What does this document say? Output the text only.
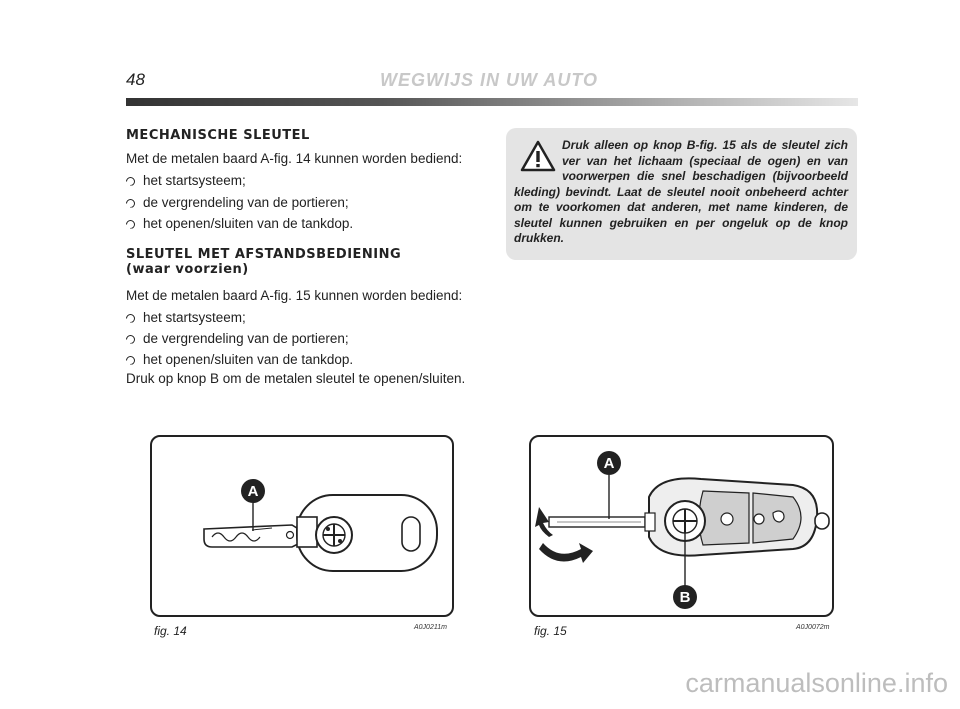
48	WEGWIJS IN UW AUTO
MECHANISCHE SLEUTEL
Met de metalen baard A-fig. 14 kunnen worden bediend:
het startsysteem;
de vergrendeling van de portieren;
het openen/sluiten van de tankdop.
SLEUTEL MET AFSTANDSBEDIENING
(waar voorzien)
Met de metalen baard A-fig. 15 kunnen worden bediend:
het startsysteem;
de vergrendeling van de portieren;
het openen/sluiten van de tankdop.
Druk op knop B om de metalen sleutel te openen/sluiten.
Druk alleen op knop B-fig. 15 als de sleutel zich ver van het lichaam (speciaal de ogen) en van voorwerpen die snel beschadigen (bijvoorbeeld kleding) bevindt. Laat de sleutel nooit onbeheerd achter om te voorkomen dat anderen, met name kinderen, de sleutel kunnen gebruiken en per ongeluk op de knop drukken.
A
fig. 14	A0J0211m
A
B
fig. 15	A0J0072m
carmanualsonline.info
